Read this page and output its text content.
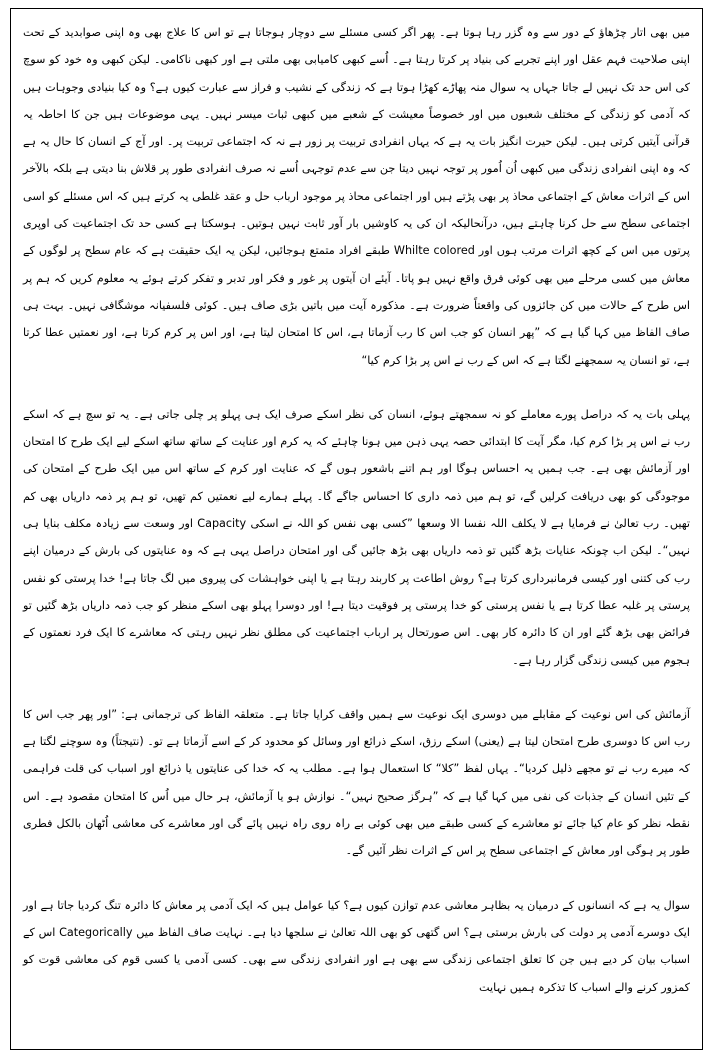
میں بھی اتار چڑھاؤ کے دور سے وہ گزر رہا ہوتا ہے۔ پھر اگر کسی مسئلے سے دوچار ہوجاتا ہے تو اس کا علاج بھی وہ اپنی صوابدید کے تحت اپنی صلاحیت فہم عقل اور اپنے تجربے کی بنیاد پر کرتا رہتا ہے۔ اُسے کبھی کامیابی بھی ملتی ہے اور کبھی ناکامی۔ لیکن کبھی وہ خود کو سوچ کی اس حد تک نہیں لے جاتا جہاں یہ سوال منہ پھاڑے کھڑا ہوتا ہے کہ زندگی کے نشیب و فراز سے عبارت کیوں ہے؟ وہ کیا بنیادی وجوہات ہیں کہ آدمی کو زندگی کے مختلف شعبوں میں اور خصوصاً معیشت کے شعبے میں کبھی ثبات میسر نہیں۔ یہی موضوعات ہیں جن کا احاطہ یہ قرآنی آیتیں کرتی ہیں۔ لیکن حیرت انگیز بات یہ ہے کہ یہاں انفرادی تربیت پر زور ہے نہ کہ اجتماعی تربیت پر۔ اور آج کے انسان کا حال یہ ہے کہ وہ اپنی انفرادی زندگی میں کبھی اُن اُمور پر توجہ نہیں دیتا جن سے عدم توجہی اُسے نہ صرف انفرادی طور پر قلاش بنا دیتی ہے بلکہ بالآخر اس کے اثرات معاش کے اجتماعی محاذ پر بھی پڑتے ہیں اور اجتماعی محاذ پر موجود ارباب حل و عقد غلطی یہ کرتے ہیں کہ اس مسئلے کو اسی اجتماعی سطح سے حل کرنا چاہتے ہیں، درآنحالیکہ ان کی یہ کاوشیں بار آور ثابت نہیں ہوتیں۔ ہوسکتا ہے کسی حد تک اجتماعیت کی اوپری پرتوں میں اس کے کچھ اثرات مرتب ہوں اور Whilte colored طبقے افراد متمتع ہوجائیں، لیکن یہ ایک حقیقت ہے کہ عام سطح پر لوگوں کے معاش میں کسی مرحلے میں بھی کوئی فرق واقع نہیں ہو پاتا۔ آیئے ان آیتوں پر غور و فکر اور تدبر و تفکر کرتے ہوئے یہ معلوم کریں کہ ہم پر اس طرح کے حالات میں کن جائزوں کی واقعتاً ضرورت ہے۔ مذکورہ آیت میں باتیں بڑی صاف ہیں۔ کوئی فلسفیانہ موشگافی نہیں۔ بہت ہی صاف الفاظ میں کہا گیا ہے کہ ”پھر انسان کو جب اس کا رب آزماتا ہے، اس کا امتحان لیتا ہے، اور اس پر کرم کرتا ہے، اور نعمتیں عطا کرتا ہے، تو انسان یہ سمجھنے لگتا ہے کہ اس کے رب نے اس پر بڑا کرم کیا“

پہلی بات یہ کہ دراصل پورے معاملے کو نہ سمجھتے ہوئے، انسان کی نظر اسکے صرف ایک ہی پہلو پر چلی جاتی ہے۔ یہ تو سچ ہے کہ اسکے رب نے اس پر بڑا کرم کیا، مگر آیت کا ابتدائی حصہ یہی ذہن میں ہونا چاہئے کہ یہ کرم اور عنایت کے ساتھ ساتھ اسکے لیے ایک طرح کا امتحان اور آزمائش بھی ہے۔ جب ہمیں یہ احساس ہوگا اور ہم اتنے باشعور ہوں گے کہ عنایت اور کرم کے ساتھ اس میں ایک طرح کے امتحان کی موجودگی کو بھی دریافت کرلیں گے، تو ہم میں ذمہ داری کا احساس جاگے گا۔ پہلے ہمارے لیے نعمتیں کم تھیں، تو ہم پر ذمہ داریاں بھی کم تھیں۔ رب تعالیٰ نے فرمایا ہے لا یکلف اللہ نفسا الا وسعھا ”کسی بھی نفس کو اللہ نے اسکی Capacity اور وسعت سے زیادہ مکلف بنایا ہی نہیں“۔ لیکن اب چونکہ عنایات بڑھ گئیں تو ذمہ داریاں بھی بڑھ جائیں گی اور امتحان دراصل یہی ہے کہ وہ عنایتوں کی بارش کے درمیان اپنے رب کی کتنی اور کیسی فرمانبرداری کرتا ہے؟ روش اطاعت پر کاربند رہتا ہے یا اپنی خواہشات کی پیروی میں لگ جاتا ہے! خدا پرستی کو نفس پرستی پر غلبہ عطا کرتا ہے یا نفس پرستی کو خدا پرستی پر فوقیت دیتا ہے! اور دوسرا پہلو بھی اسکے منظر کو جب ذمہ داریاں بڑھ گئیں تو فرائض بھی بڑھ گئے اور ان کا دائرہ کار بھی۔ اس صورتحال پر ارباب اجتماعیت کی مطلق نظر نہیں رہتی کہ معاشرے کا ایک فرد نعمتوں کے ہجوم میں کیسی زندگی گزار رہا ہے۔

آزمائش کی اس نوعیت کے مقابلے میں دوسری ایک نوعیت سے ہمیں واقف کرایا جاتا ہے۔ متعلقہ الفاظ کی ترجمانی ہے: ”اور پھر جب اس کا رب اس کا دوسری طرح امتحان لیتا ہے (یعنی) اسکے رزق، اسکے ذرائع اور وسائل کو محدود کر کے اسے آزماتا ہے تو۔ (نتیجتاً) وہ سوچنے لگتا ہے کہ میرے رب نے تو مجھے ذلیل کردیا“۔ یہاں لفظ ”کلا“ کا استعمال ہوا ہے۔ مطلب یہ کہ خدا کی عنایتوں یا ذرائع اور اسباب کی قلت فراہمی کے تئیں انسان کے جذبات کی نفی میں کہا گیا ہے کہ ”ہرگز صحیح نہیں“۔ نوازش ہو یا آزمائش، ہر حال میں اُس کا امتحان مقصود ہے۔ اس نقطہ نظر کو عام کیا جائے تو معاشرے کے کسی طبقے میں بھی کوئی بے راہ روی راہ نہیں پائے گی اور معاشرے کی معاشی اُٹھان بالکل فطری طور پر ہوگی اور معاش کے اجتماعی سطح پر اس کے اثرات نظر آئیں گے۔

سوال یہ ہے کہ انسانوں کے درمیان یہ بظاہر معاشی عدم توازن کیوں ہے؟ کیا عوامل ہیں کہ ایک آدمی پر معاش کا دائرہ تنگ کردیا جاتا ہے اور ایک دوسرے آدمی پر دولت کی بارش برستی ہے؟ اس گتھی کو بھی اللہ تعالیٰ نے سلجھا دیا ہے۔ نہایت صاف الفاظ میں Categorically اس کے اسباب بیان کر دیے ہیں جن کا تعلق اجتماعی زندگی سے بھی ہے اور انفرادی زندگی سے بھی۔ کسی آدمی یا کسی قوم کی معاشی قوت کو کمزور کرنے والے اسباب کا تذکرہ ہمیں نہایت
